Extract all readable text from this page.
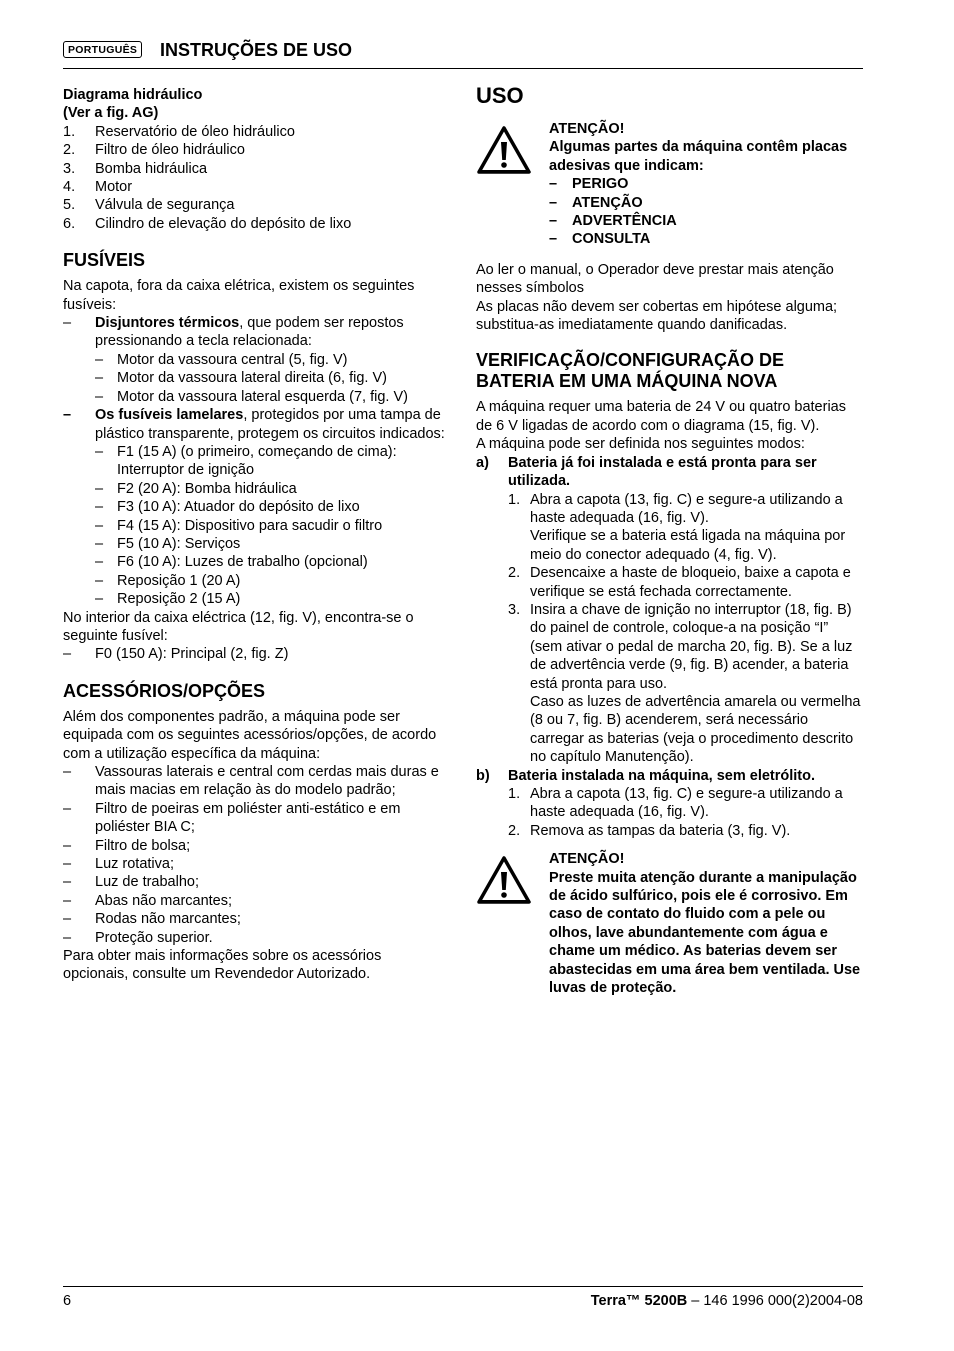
PORTUGUÊS INSTRUÇÕES DE USO
Diagrama hidráulico
(Ver a fig. AG)
1.	Reservatório de óleo hidráulico
2.	Filtro de óleo hidráulico
3.	Bomba hidráulica
4.	Motor
5.	Válvula de segurança
6.	Cilindro de elevação do depósito de lixo
FUSÍVEIS
Na capota, fora da caixa elétrica, existem os seguintes fusíveis:
–	Disjuntores térmicos, que podem ser repostos pressionando a tecla relacionada:
– Motor da vassoura central (5, fig. V)
– Motor da vassoura lateral direita (6, fig. V)
– Motor da vassoura lateral esquerda (7, fig. V)
–	Os fusíveis lamelares, protegidos por uma tampa de plástico transparente, protegem os circuitos indicados:
– F1 (15 A) (o primeiro, começando de cima): Interruptor de ignição
– F2 (20 A): Bomba hidráulica
– F3 (10 A): Atuador do depósito de lixo
– F4 (15 A): Dispositivo para sacudir o filtro
– F5 (10 A): Serviços
– F6 (10 A): Luzes de trabalho (opcional)
– Reposição 1 (20 A)
– Reposição 2 (15 A)
No interior da caixa eléctrica (12, fig. V), encontra-se o seguinte fusível:
–	F0 (150 A): Principal (2, fig. Z)
ACESSÓRIOS/OPÇÕES
Além dos componentes padrão, a máquina pode ser equipada com os seguintes acessórios/opções, de acordo com a utilização específica da máquina:
–	Vassouras laterais e central com cerdas mais duras e mais macias em relação às do modelo padrão;
–	Filtro de poeiras em poliéster anti-estático e em poliéster BIA C;
–	Filtro de bolsa;
–	Luz rotativa;
–	Luz de trabalho;
–	Abas não marcantes;
–	Rodas não marcantes;
–	Proteção superior.
Para obter mais informações sobre os acessórios opcionais, consulte um Revendedor Autorizado.
USO
ATENÇÃO!
Algumas partes da máquina contêm placas adesivas que indicam:
–	PERIGO
–	ATENÇÃO
–	ADVERTÊNCIA
–	CONSULTA
Ao ler o manual, o Operador deve prestar mais atenção nesses símbolos
As placas não devem ser cobertas em hipótese alguma; substitua-as imediatamente quando danificadas.
VERIFICAÇÃO/CONFIGURAÇÃO DE BATERIA EM UMA MÁQUINA NOVA
A máquina requer uma bateria de 24 V ou quatro baterias de 6 V ligadas de acordo com o diagrama (15, fig. V).
A máquina pode ser definida nos seguintes modos:
a)	Bateria já foi instalada e está pronta para ser utilizada.
1. Abra a capota (13, fig. C) e segure-a utilizando a haste adequada (16, fig. V).
Verifique se a bateria está ligada na máquina por meio do conector adequado (4, fig. V).
2. Desencaixe a haste de bloqueio, baixe a capota e verifique se está fechada correctamente.
3. Insira a chave de ignição no interruptor (18, fig. B) do painel de controle, coloque-a na posição “I” (sem ativar o pedal de marcha 20, fig. B). Se a luz de advertência verde (9, fig. B) acender, a bateria está pronta para uso.
Caso as luzes de advertência amarela ou vermelha (8 ou 7, fig. B) acenderem, será necessário carregar as baterias (veja o procedimento descrito no capítulo Manutenção).
b)	Bateria instalada na máquina, sem eletrólito.
1. Abra a capota (13, fig. C) e segure-a utilizando a haste adequada (16, fig. V).
2. Remova as tampas da bateria (3, fig. V).
ATENÇÃO!
Preste muita atenção durante a manipulação de ácido sulfúrico, pois ele é corrosivo. Em caso de contato do fluido com a pele ou olhos, lave abundantemente com água e chame um médico. As baterias devem ser abastecidas em uma área bem ventilada. Use luvas de proteção.
6	Terra™ 5200B – 146 1996 000(2)2004-08
